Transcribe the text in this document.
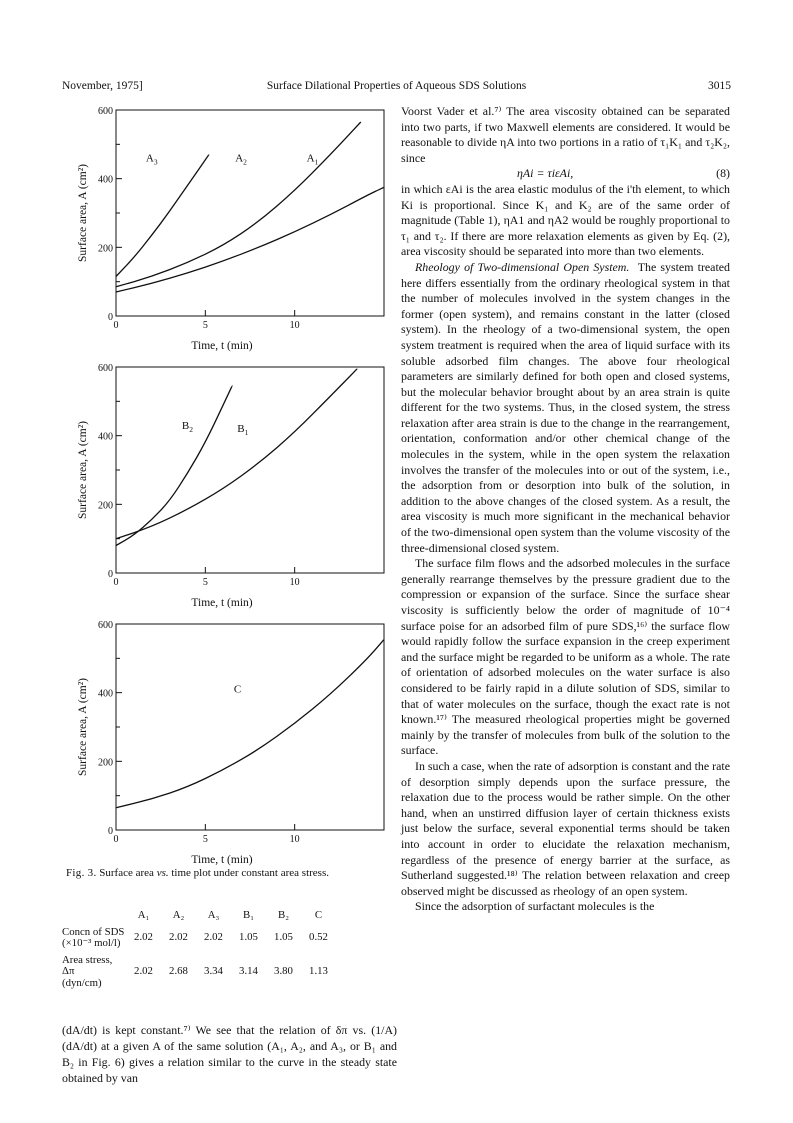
November, 1975]	Surface Dilational Properties of Aqueous SDS Solutions	3015
0
200
400
600
0	5	10
Time, t (min)
Surface area, A (cm²)
$A_3$	$A_2$	$A_1$
0
200
400
600
0	5	10
Time, t (min)
Surface area, A (cm²)	$B_2$	$B_1$
0
200
400
600
0	5	10
Time, t (min)
Surface area, A (cm²)	C
Fig. 3. Surface area vs. time plot under constant area stress.
	A₁	A₂	A₃	B₁	B₂	C
Concn of SDS
(×10⁻³ mol/l)	2.02	2.02	2.02	1.05	1.05	0.52
Area stress, Δπ
(dyn/cm)	2.02	2.68	3.34	3.14	3.80	1.13
(dA/dt) is kept constant.⁷⁾ We see that the relation of δπ vs. (1/A)(dA/dt) at a given A of the same solution (A₁, A₂, and A₃, or B₁ and B₂ in Fig. 6) gives a relation similar to the curve in the steady state obtained by van

Voorst Vader et al.⁷⁾ The area viscosity obtained can be separated into two parts, if two Maxwell elements are considered. It would be reasonable to divide ηA into two portions in a ratio of τ₁K₁ and τ₂K₂, since

ηAi = τiεAi,	(8)

in which εAi is the area elastic modulus of the i'th element, to which Ki is proportional. Since K₁ and K₂ are of the same order of magnitude (Table 1), ηA1 and ηA2 would be roughly proportional to τ₁ and τ₂. If there are more relaxation elements as given by Eq. (2), area viscosity should be separated into more than two elements.

Rheology of Two-dimensional Open System. The system treated here differs essentially from the ordinary rheological system in that the number of molecules involved in the system changes in the former (open system), and remains constant in the latter (closed system). In the rheology of a two-dimensional system, the open system treatment is required when the area of liquid surface with its soluble adsorbed film changes. The above four rheological parameters are similarly defined for both open and closed systems, but the molecular behavior brought about by an area strain is quite different for the two systems. Thus, in the closed system, the stress relaxation after area strain is due to the change in the rearrangement, orientation, conformation and/or other chemical change of the molecules in the system, while in the open system the relaxation involves the transfer of the molecules into or out of the system, i.e., the adsorption from or desorption into bulk of the solution, in addition to the above changes of the closed system. As a result, the area viscosity is much more significant in the mechanical behavior of the two-dimensional open system than the volume viscosity of the three-dimensional closed system.

The surface film flows and the adsorbed molecules in the surface generally rearrange themselves by the pressure gradient due to the compression or expansion of the surface. Since the surface shear viscosity is sufficiently below the order of magnitude of 10⁻⁴ surface poise for an adsorbed film of pure SDS,¹⁶⁾ the surface flow would rapidly follow the surface expansion in the creep experiment and the surface might be regarded to be uniform as a whole. The rate of orientation of adsorbed molecules on the water surface is also considered to be fairly rapid in a dilute solution of SDS, similar to that of water molecules on the surface, though the exact rate is not known.¹⁷⁾ The measured rheological properties might be governed mainly by the transfer of molecules from bulk of the solution to the surface.

In such a case, when the rate of adsorption is constant and the rate of desorption simply depends upon the surface pressure, the relaxation due to the process would be rather simple. On the other hand, when an unstirred diffusion layer of certain thickness exists just below the surface, several exponential terms should be taken into account in order to elucidate the relaxation mechanism, regardless of the presence of energy barrier at the surface, as Sutherland suggested.¹⁸⁾ The relation between relaxation and creep observed might be discussed as rheology of an open system.

Since the adsorption of surfactant molecules is the
